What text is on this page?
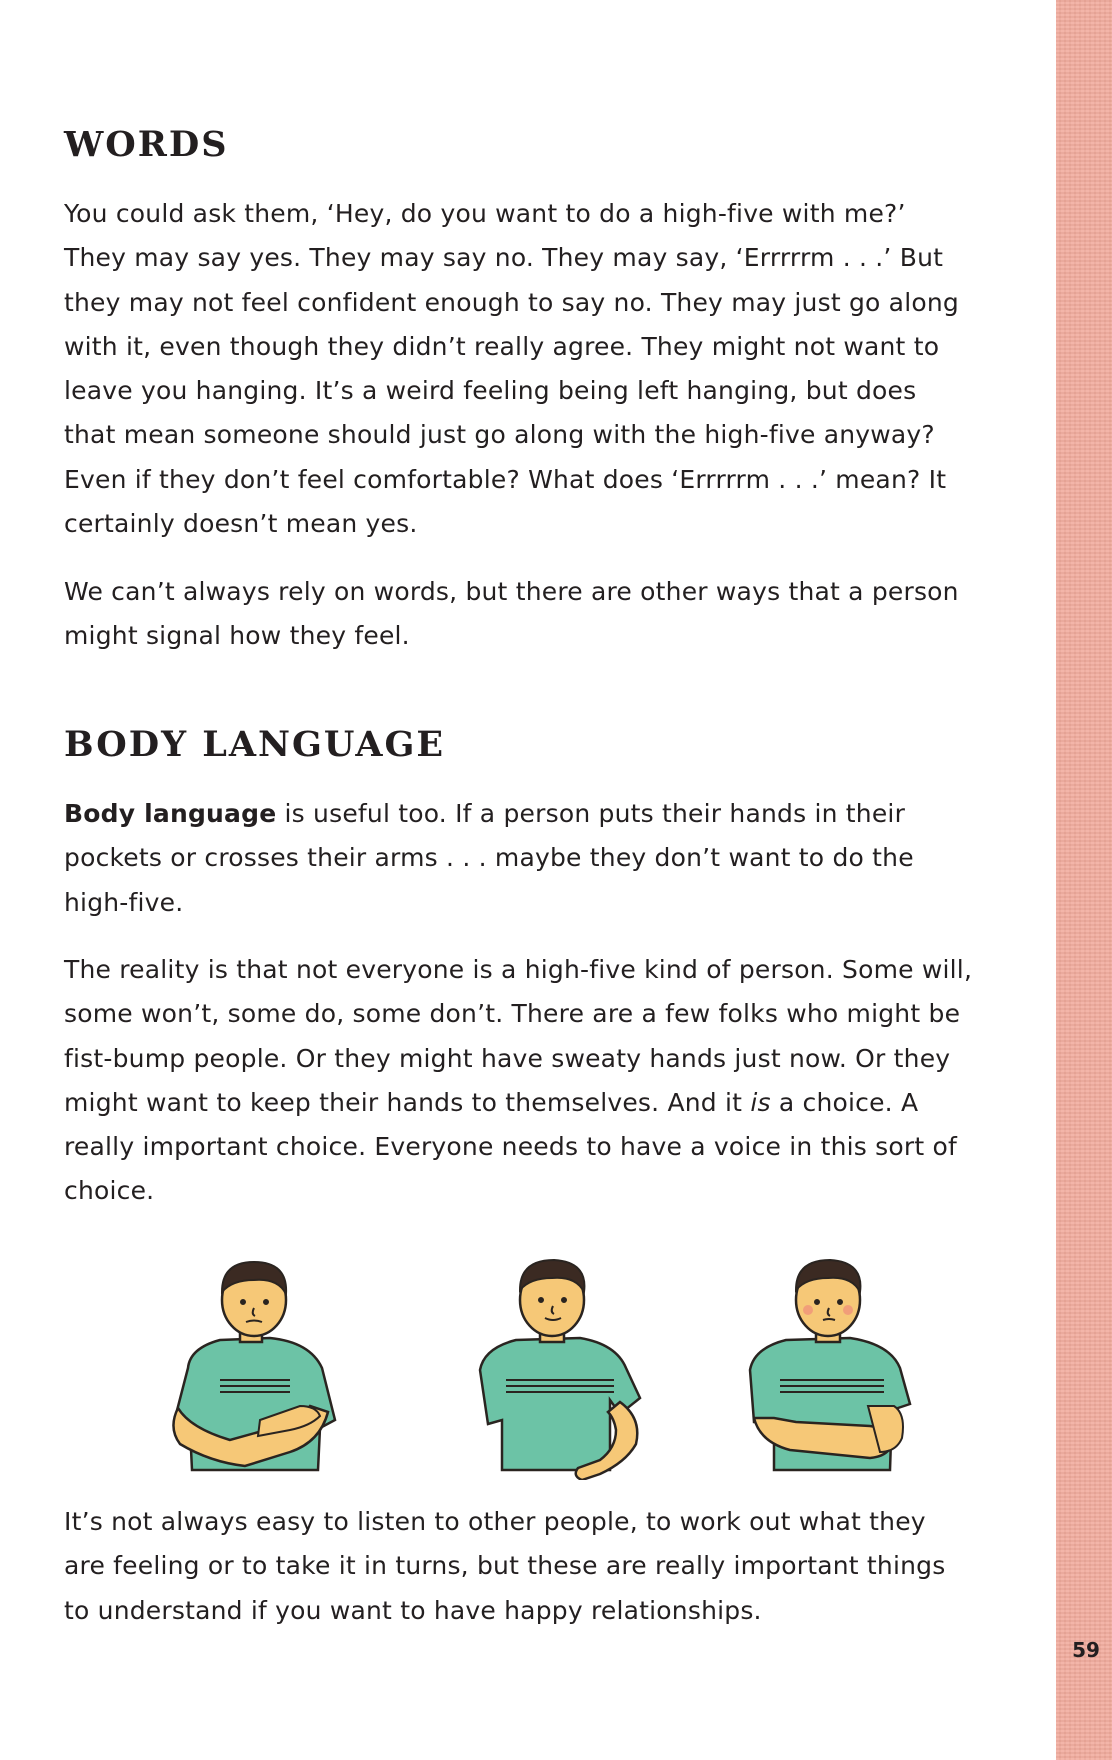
59
WORDS

You could ask them, ‘Hey, do you want to do a high-five with me?’ They may say yes. They may say no. They may say, ‘Errrrrm . . .’ But they may not feel confident enough to say no. They may just go along with it, even though they didn’t really agree. They might not want to leave you hanging. It’s a weird feeling being left hanging, but does that mean someone should just go along with the high-five anyway? Even if they don’t feel comfortable? What does ‘Errrrrm . . .’ mean? It certainly doesn’t mean yes.

We can’t always rely on words, but there are other ways that a person might signal how they feel.

BODY LANGUAGE

Body language is useful too. If a person puts their hands in their pockets or crosses their arms . . . maybe they don’t want to do the high-five.

The reality is that not everyone is a high-five kind of person. Some will, some won’t, some do, some don’t. There are a few folks who might be fist-bump people. Or they might have sweaty hands just now. Or they might want to keep their hands to themselves. And it is a choice. A really important choice. Everyone needs to have a voice in this sort of choice.

It’s not always easy to listen to other people, to work out what they are feeling or to take it in turns, but these are really important things to understand if you want to have happy relationships.
